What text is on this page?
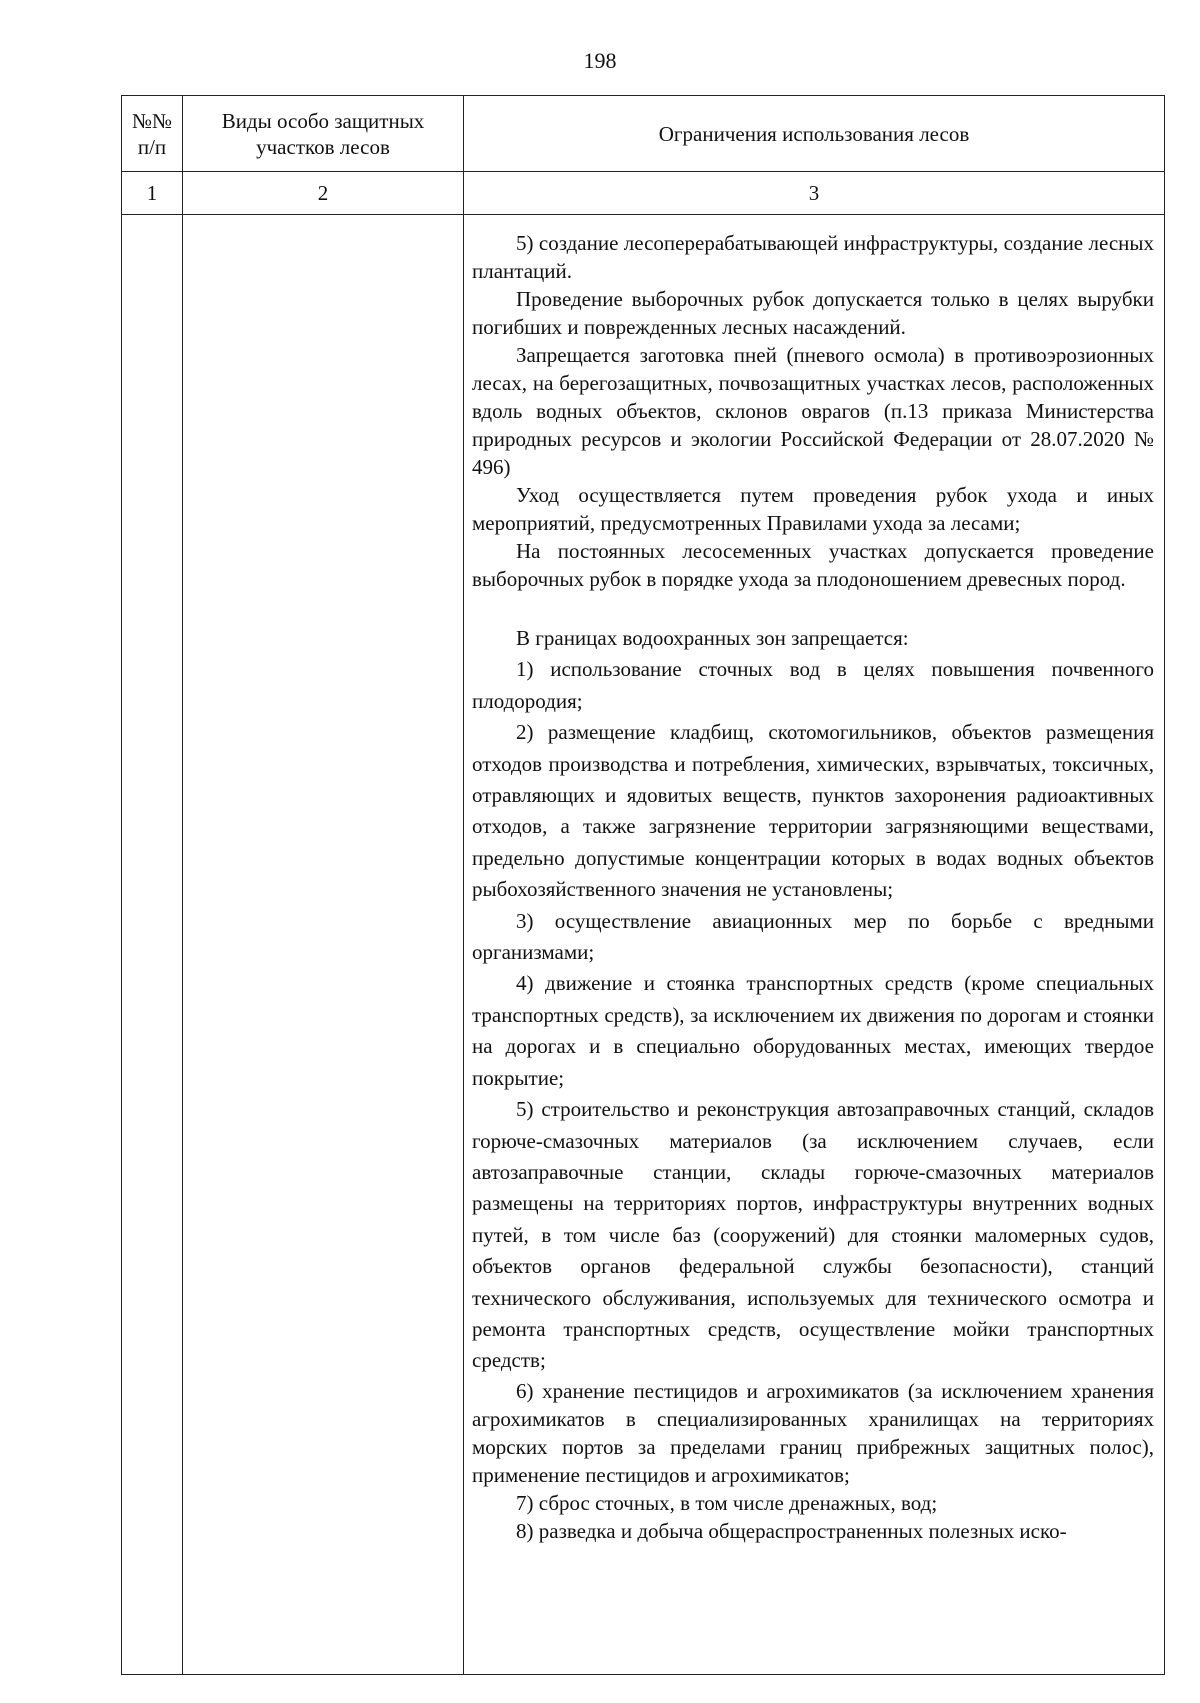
198
№№ п/п
Виды особо защитных участков лесов
Ограничения использования лесов
1	2	3

5) создание лесоперерабатывающей инфраструктуры, создание лесных плантаций.

Проведение выборочных рубок допускается только в целях вырубки погибших и поврежденных лесных насаждений.

Запрещается заготовка пней (пневого осмола) в противоэрозионных лесах, на берегозащитных, почвозащитных участках лесов, расположенных вдоль водных объектов, склонов оврагов (п.13 приказа Министерства природных ресурсов и экологии Российской Федерации от 28.07.2020 № 496)

Уход осуществляется путем проведения рубок ухода и иных мероприятий, предусмотренных Правилами ухода за лесами;

На постоянных лесосеменных участках допускается проведение выборочных рубок в порядке ухода за плодоношением древесных пород.

В границах водоохранных зон запрещается:

1) использование сточных вод в целях повышения почвенного плодородия;

2) размещение кладбищ, скотомогильников, объектов размещения отходов производства и потребления, химических, взрывчатых, токсичных, отравляющих и ядовитых веществ, пунктов захоронения радиоактивных отходов, а также загрязнение территории загрязняющими веществами, предельно допустимые концентрации которых в водах водных объектов рыбохозяйственного значения не установлены;

3) осуществление авиационных мер по борьбе с вредными организмами;

4) движение и стоянка транспортных средств (кроме специальных транспортных средств), за исключением их движения по дорогам и стоянки на дорогах и в специально оборудованных местах, имеющих твердое покрытие;

5) строительство и реконструкция автозаправочных станций, складов горюче-смазочных материалов (за исключением случаев, если автозаправочные станции, склады горюче-смазочных материалов размещены на территориях портов, инфраструктуры внутренних водных путей, в том числе баз (сооружений) для стоянки маломерных судов, объектов органов федеральной службы безопасности), станций технического обслуживания, используемых для технического осмотра и ремонта транспортных средств, осуществление мойки транспортных средств;

6) хранение пестицидов и агрохимикатов (за исключением хранения агрохимикатов в специализированных хранилищах на территориях морских портов за пределами границ прибрежных защитных полос), применение пестицидов и агрохимикатов;

7) сброс сточных, в том числе дренажных, вод;

8) разведка и добыча общераспространенных полезных иско-
